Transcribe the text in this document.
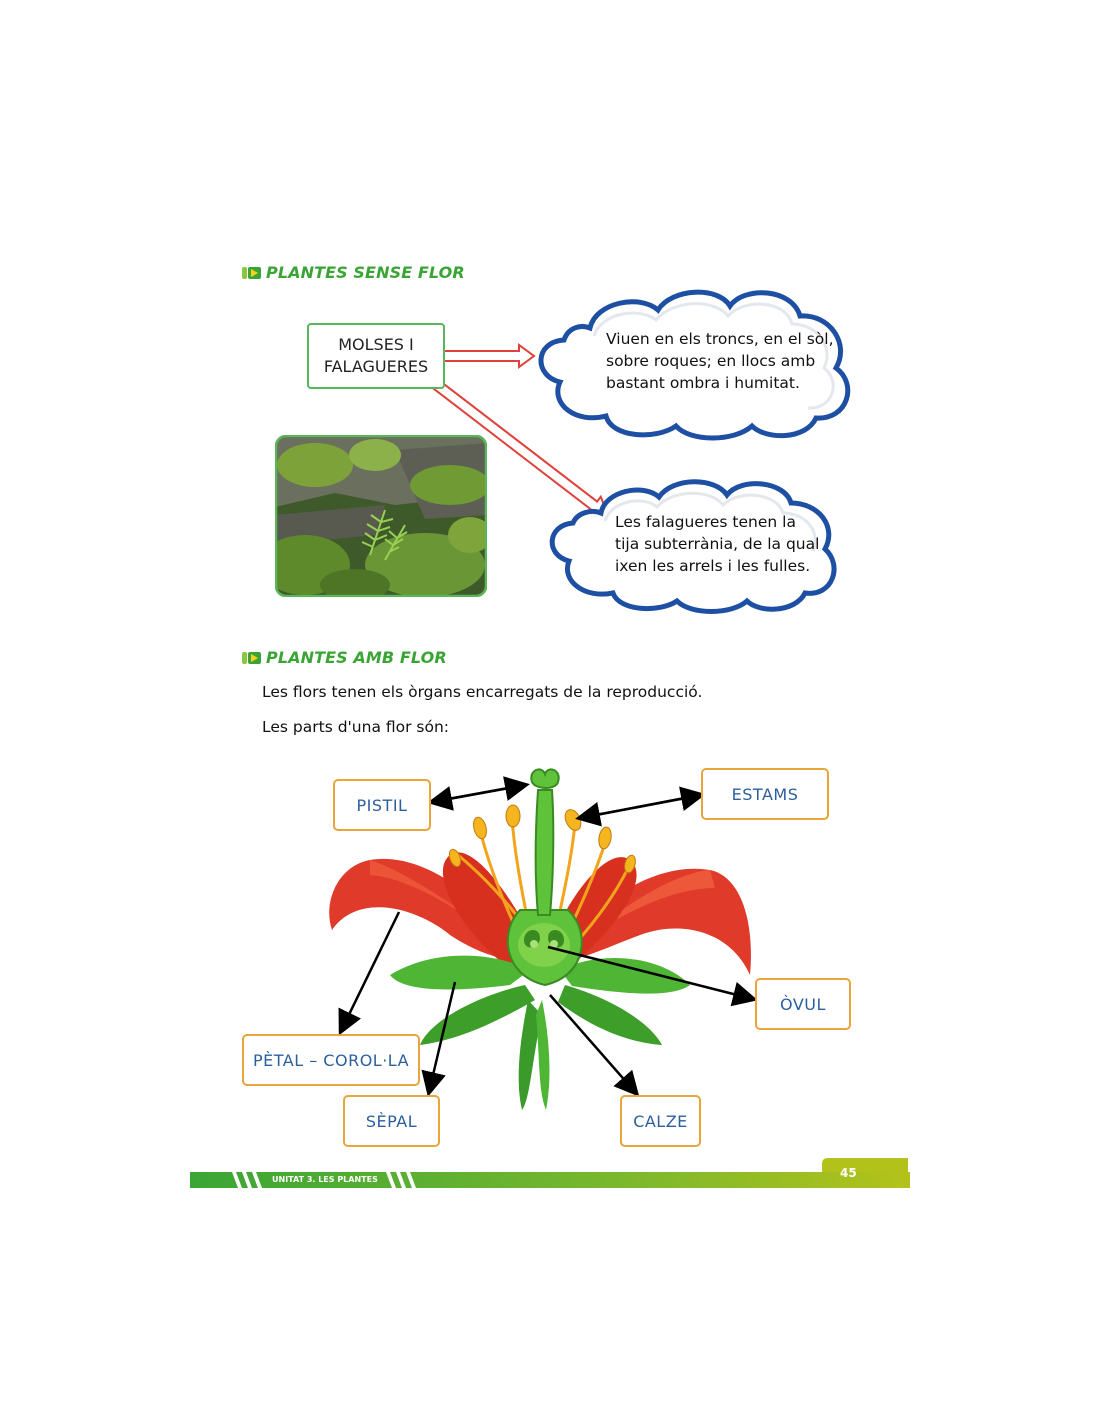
PLANTES SENSE FLOR
MOLSES I
FALAGUERES
Viuen en els troncs, en el sòl,
sobre roques; en llocs amb
bastant ombra i humitat.
Les falagueres tenen la
tija subterrània, de la qual
ixen les arrels i les fulles.
PLANTES AMB FLOR
Les flors tenen els òrgans encarregats de la reproducció.
Les parts d'una flor són:
PISTIL
ESTAMS
ÒVUL
PÈTAL – COROL·LA
SÈPAL	CALZE
UNITAT 3. LES PLANTES	45
